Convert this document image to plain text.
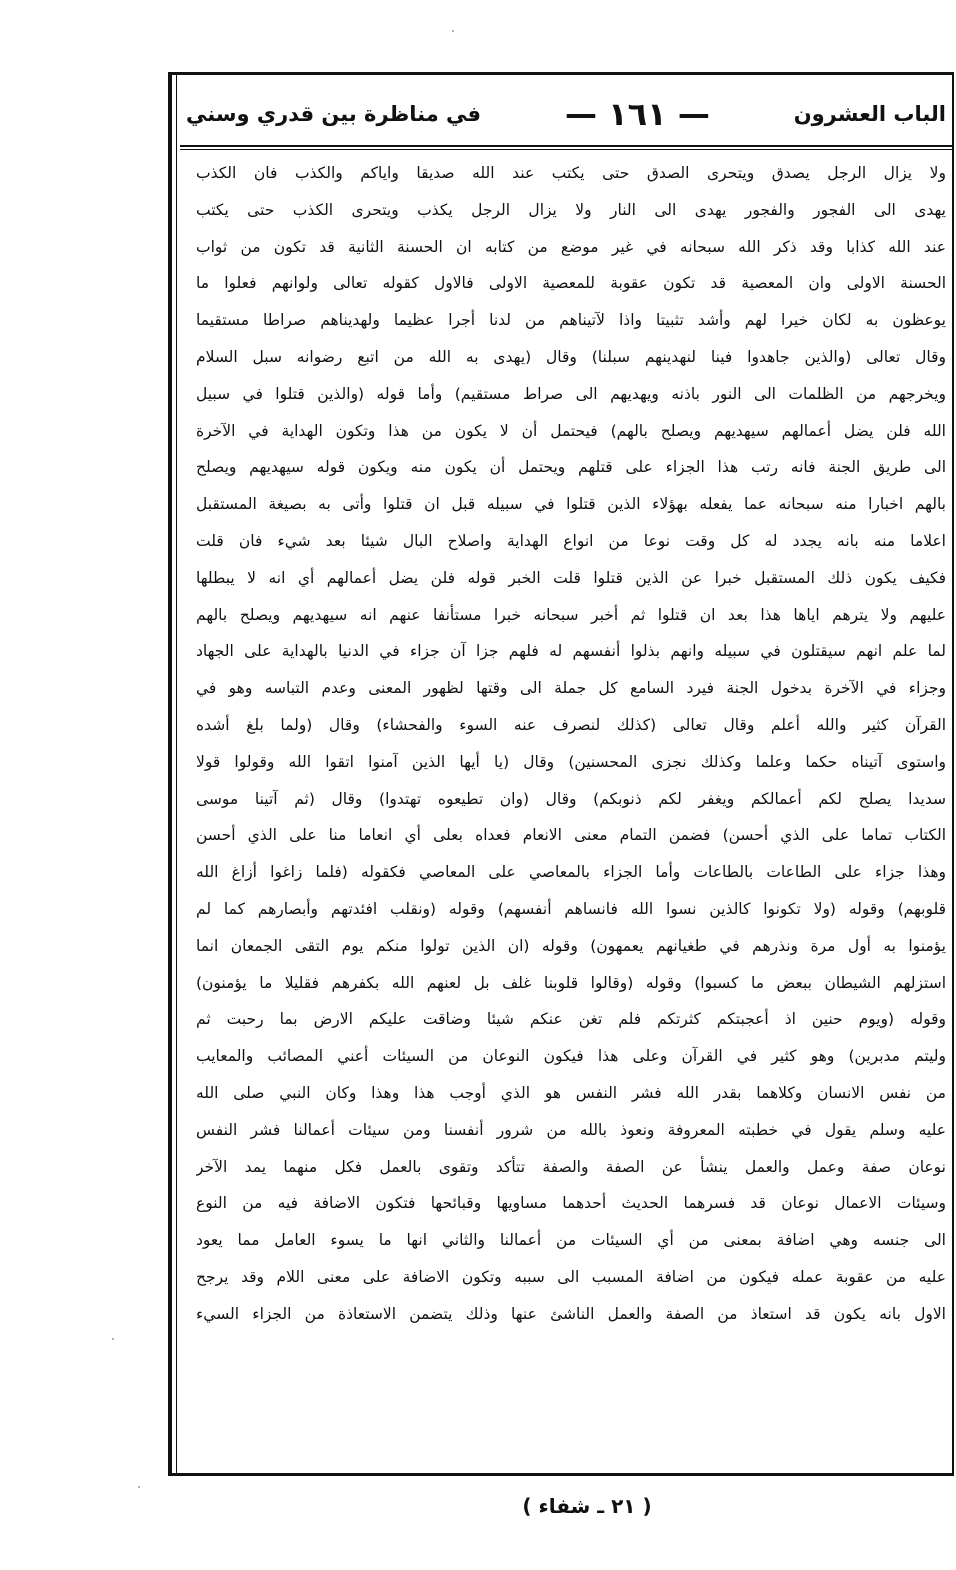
الباب العشرون
— ١٦١ —
في مناظرة بين قدري وسني
ولا يزال الرجل يصدق ويتحرى الصدق حتى يكتب عند الله صديقا واياكم والكذب فان الكذب
يهدى الى الفجور والفجور يهدى الى النار ولا يزال الرجل يكذب ويتحرى الكذب حتى يكتب
عند الله كذابا وقد ذكر الله سبحانه في غير موضع من كتابه ان الحسنة الثانية قد تكون من ثواب
الحسنة الاولى وان المعصية قد تكون عقوبة للمعصية الاولى فالاول كقوله تعالى ولوانهم فعلوا ما
يوعظون به لكان خيرا لهم وأشد تثبيتا واذا لآتيناهم من لدنا أجرا عظيما ولهديناهم صراطا مستقيما
وقال تعالى (والذين جاهدوا فينا لنهدينهم سبلنا) وقال (يهدى به الله من اتبع رضوانه سبل السلام
ويخرجهم من الظلمات الى النور باذنه ويهديهم الى صراط مستقيم) وأما قوله (والذين قتلوا في سبيل
الله فلن يضل أعمالهم سيهديهم ويصلح بالهم) فيحتمل أن لا يكون من هذا وتكون الهداية في الآخرة
الى طريق الجنة فانه رتب هذا الجزاء على قتلهم ويحتمل أن يكون منه ويكون قوله سيهديهم ويصلح
بالهم اخبارا منه سبحانه عما يفعله بهؤلاء الذين قتلوا في سبيله قبل ان قتلوا وأتى به بصيغة المستقبل
اعلاما منه بانه يجدد له كل وقت نوعا من انواع الهداية واصلاح البال شيئا بعد شيء فان قلت
فكيف يكون ذلك المستقبل خبرا عن الذين قتلوا قلت الخبر قوله فلن يضل أعمالهم أي انه لا يبطلها
عليهم ولا يترهم اياها هذا بعد ان قتلوا ثم أخبر سبحانه خبرا مستأنفا عنهم انه سيهديهم ويصلح بالهم
لما علم انهم سيقتلون في سبيله وانهم بذلوا أنفسهم له فلهم جزا آن جزاء في الدنيا بالهداية على الجهاد
وجزاء في الآخرة بدخول الجنة فيرد السامع كل جملة الى وقتها لظهور المعنى وعدم التباسه وهو في
القرآن كثير والله أعلم وقال تعالى (كذلك لنصرف عنه السوء والفحشاء) وقال (ولما بلغ أشده
واستوى آتيناه حكما وعلما وكذلك نجزى المحسنين) وقال (يا أيها الذين آمنوا اتقوا الله وقولوا قولا
سديدا يصلح لكم أعمالكم ويغفر لكم ذنوبكم) وقال (وان تطيعوه تهتدوا) وقال (ثم آتينا موسى
الكتاب تماما على الذي أحسن) فضمن التمام معنى الانعام فعداه بعلى أي انعاما منا على الذي أحسن
وهذا جزاء على الطاعات بالطاعات وأما الجزاء بالمعاصي على المعاصي فكقوله (فلما زاغوا أزاغ الله
قلوبهم) وقوله (ولا تكونوا كالذين نسوا الله فانساهم أنفسهم) وقوله (ونقلب افئدتهم وأبصارهم كما لم
يؤمنوا به أول مرة ونذرهم في طغيانهم يعمهون) وقوله (ان الذين تولوا منكم يوم التقى الجمعان انما
استزلهم الشيطان ببعض ما كسبوا) وقوله (وقالوا قلوبنا غلف بل لعنهم الله بكفرهم فقليلا ما يؤمنون)
وقوله (ويوم حنين اذ أعجبتكم كثرتكم فلم تغن عنكم شيئا وضاقت عليكم الارض بما رحبت ثم
وليتم مدبرين) وهو كثير في القرآن وعلى هذا فيكون النوعان من السيئات أعني المصائب والمعايب
من نفس الانسان وكلاهما بقدر الله فشر النفس هو الذي أوجب هذا وهذا وكان النبي صلى الله
عليه وسلم يقول في خطبته المعروفة ونعوذ بالله من شرور أنفسنا ومن سيئات أعمالنا فشر النفس
نوعان صفة وعمل والعمل ينشأ عن الصفة والصفة تتأكد وتقوى بالعمل فكل منهما يمد الآخر
وسيئات الاعمال نوعان قد فسرهما الحديث أحدهما مساويها وقبائحها فتكون الاضافة فيه من النوع
الى جنسه وهي اضافة بمعنى من أي السيئات من أعمالنا والثاني انها ما يسوء العامل مما يعود
عليه من عقوبة عمله فيكون من اضافة المسبب الى سببه وتكون الاضافة على معنى اللام وقد يرجح
الاول بانه يكون قد استعاذ من الصفة والعمل الناشئ عنها وذلك يتضمن الاستعاذة من الجزاء السيء
( ٢١ ـ شفاء )
